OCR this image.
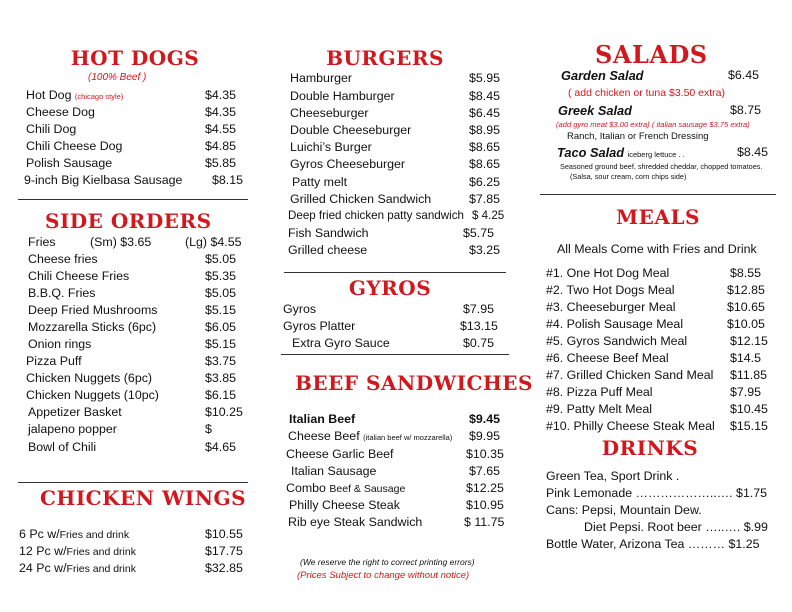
HOT DOGS
(100% Beef )
Hot Dog (chicago style)	$4.35
Cheese Dog	$4.35
Chili Dog	$4.55
Chili Cheese Dog	$4.85
Polish Sausage	$5.85
9-inch Big Kielbasa Sausage $8.15
SIDE ORDERS
Fries	(Sm) $3.65	(Lg) $4.55
Cheese fries	$5.05
Chili Cheese Fries	$5.35
B.B.Q. Fries	$5.05
Deep Fried Mushrooms	$5.15
Mozzarella Sticks (6pc)	$6.05
Onion rings	$5.15
Pizza Puff	$3.75
Chicken Nuggets (6pc)	$3.85
Chicken Nuggets (10pc)	$6.15
Appetizer Basket	$10.25
jalapeno popper	$
Bowl of Chili	$4.65
CHICKEN WINGS
6 Pc w/Fries and drink	$10.55
12 Pc w/Fries and drink	$17.75
24 Pc w/Fries and drink	$32.85
BURGERS
Hamburger	$5.95
Double Hamburger	$8.45
Cheeseburger	$6.45
Double Cheeseburger	$8.95
Luichi’s Burger	$8.65
Gyros Cheeseburger	$8.65
Patty melt	$6.25
Grilled Chicken Sandwich	$7.85
Deep fried chicken patty sandwich $ 4.25
Fish Sandwich	$5.75
Grilled cheese	$3.25
GYROS
Gyros	$7.95
Gyros Platter	$13.15
Extra Gyro Sauce	$0.75
BEEF SANDWICHES
Italian Beef	$9.45
Cheese Beef (italian beef w/ mozzarella) $9.95
Cheese Garlic Beef	$10.35
Italian Sausage	$7.65
Combo Beef & Sausage	$12.25
Philly Cheese Steak	$10.95
Rib eye Steak Sandwich	$ 11.75
(We reserve the right to correct printing errors)
(Prices Subject to change without notice)
SALADS
Garden Salad	$6.45
( add chicken or tuna $3.50 extra)
Greek Salad	$8.75
(add gyro meat $3.00 extra) ( italian sausage $3.75 extra)
Ranch, Italian or French Dressing
Taco Salad iceberg lettuce . .	$8.45
Seasoned ground beef, shredded cheddar, chopped tomatoes.
(Salsa, sour cream, corn chips side)
MEALS
All Meals Come with Fries and Drink
#1. One Hot Dog Meal	$8.55
#2. Two Hot Dogs Meal	$12.85
#3. Cheeseburger Meal	$10.65
#4. Polish Sausage Meal	$10.05
#5. Gyros Sandwich Meal	$12.15
#6. Cheese Beef Meal	$14.5
#7. Grilled Chicken Sand Meal $11.85
#8. Pizza Puff Meal	$7.95
#9. Patty Melt Meal	$10.45
#10. Philly Cheese Steak Meal $15.15
DRINKS
Green Tea, Sport Drink .
Pink Lemonade ………………..…. $1.75
Cans: Pepsi, Mountain Dew.
Diet Pepsi. Root beer …..…. $.99
Bottle Water, Arizona Tea ……… $1.25
